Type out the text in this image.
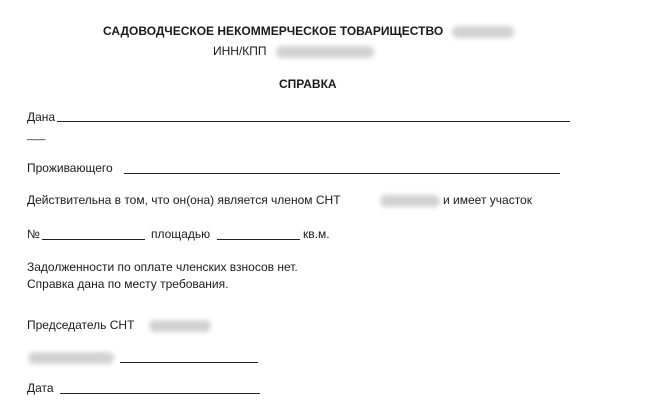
САДОВОДЧЕСКОЕ НЕКОММЕРЧЕСКОЕ ТОВАРИЩЕСТВО
ИНН/КПП
СПРАВКА
Дана
___
Проживающего
Действительна в том, что он(она) является членом СНТ	и имеет участок
№	площадью	кв.м.
Задолженности по оплате членских взносов нет.
Справка дана по месту требования.
Председатель СНТ
Дата
